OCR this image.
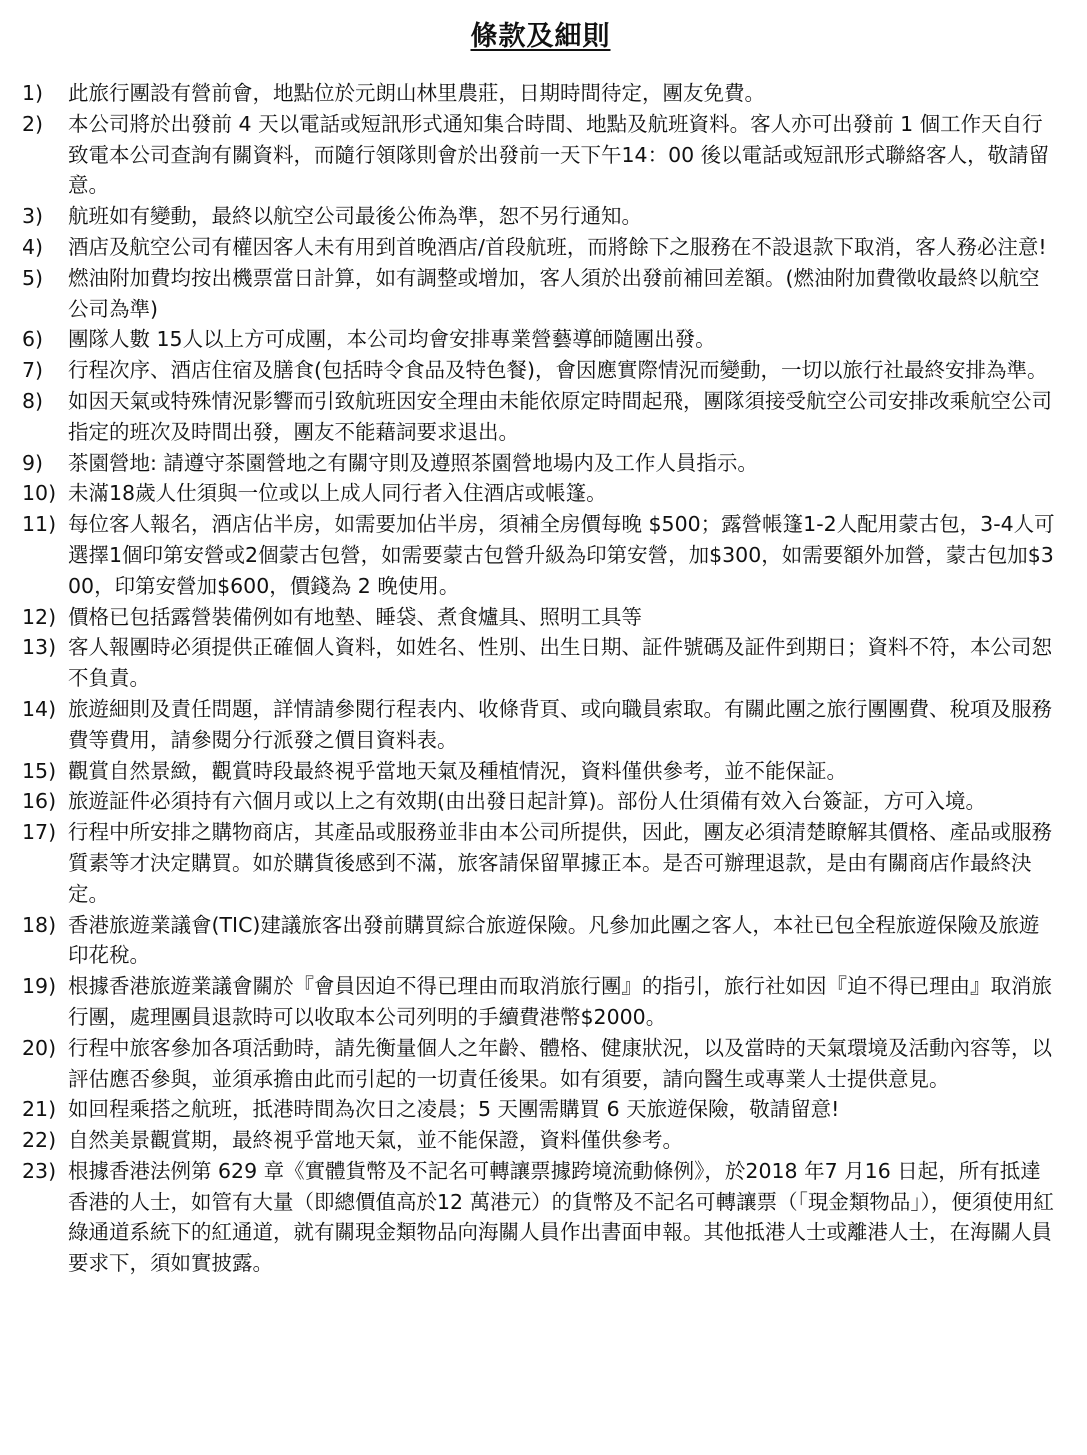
條款及細則
1)	此旅行團設有營前會，地點位於元朗山林里農莊，日期時間待定，團友免費。
2)	本公司將於出發前 4 天以電話或短訊形式通知集合時間、地點及航班資料。客人亦可出發前 1 個工作天自行致電本公司查詢有關資料，而隨行領隊則會於出發前一天下午14：00 後以電話或短訊形式聯絡客人，敬請留意。
3)	航班如有變動，最終以航空公司最後公佈為準，恕不另行通知。
4)	酒店及航空公司有權因客人未有用到首晚酒店/首段航班，而將餘下之服務在不設退款下取消，客人務必注意!
5)	燃油附加費均按出機票當日計算，如有調整或增加，客人須於出發前補回差額。(燃油附加費徵收最終以航空公司為準)
6)	團隊人數 15人以上方可成團，本公司均會安排專業營藝導師隨團出發。
7)	行程次序、酒店住宿及膳食(包括時令食品及特色餐)，會因應實際情況而變動，一切以旅行社最終安排為準。
8)	如因天氣或特殊情況影響而引致航班因安全理由未能依原定時間起飛，團隊須接受航空公司安排改乘航空公司指定的班次及時間出發，團友不能藉詞要求退出。
9)	茶園營地: 請遵守茶園營地之有關守則及遵照茶園營地場内及工作人員指示。
10) 未滿18歲人仕須與一位或以上成人同行者入住酒店或帳篷。
11) 每位客人報名，酒店佔半房，如需要加佔半房，須補全房價每晚 $500；露營帳篷1-2人配用蒙古包，3-4人可選擇1個印第安營或2個蒙古包營，如需要蒙古包營升級為印第安營，加$300，如需要額外加營，蒙古包加$300，印第安營加$600，價錢為 2 晚使用。
12) 價格已包括露營裝備例如有地墊、睡袋、煮食爐具、照明工具等
13) 客人報團時必須提供正確個人資料，如姓名、性別、出生日期、証件號碼及証件到期日；資料不符，本公司恕不負責。
14) 旅遊細則及責任問題，詳情請參閱行程表内、收條背頁、或向職員索取。有關此團之旅行團團費、稅項及服務費等費用，請參閱分行派發之價目資料表。
15) 觀賞自然景緻，觀賞時段最終視乎當地天氣及種植情況，資料僅供參考，並不能保証。
16) 旅遊証件必須持有六個月或以上之有效期(由出發日起計算)。部份人仕須備有效入台簽証，方可入境。
17) 行程中所安排之購物商店，其產品或服務並非由本公司所提供，因此，團友必須清楚瞭解其價格、產品或服務質素等才決定購買。如於購貨後感到不滿，旅客請保留單據正本。是否可辦理退款，是由有關商店作最終決定。
18) 香港旅遊業議會(TIC)建議旅客出發前購買綜合旅遊保險。凡參加此團之客人，本社已包全程旅遊保險及旅遊印花稅。
19) 根據香港旅遊業議會關於『會員因迫不得已理由而取消旅行團』的指引，旅行社如因『迫不得已理由』取消旅行團，處理團員退款時可以收取本公司列明的手續費港幣$2000。
20) 行程中旅客參加各項活動時，請先衡量個人之年齡、體格、健康狀況，以及當時的天氣環境及活動內容等，以評估應否參與，並須承擔由此而引起的一切責任後果。如有須要，請向醫生或專業人士提供意見。
21) 如回程乘搭之航班，抵港時間為次日之凌晨；5 天團需購買 6 天旅遊保險，敬請留意!
22) 自然美景觀賞期，最終視乎當地天氣，並不能保證，資料僅供參考。
23) 根據香港法例第 629 章《實體貨幣及不記名可轉讓票據跨境流動條例》，於2018 年7 月16 日起，所有抵達香港的人士，如管有大量（即總價值高於12 萬港元）的貨幣及不記名可轉讓票（「現金類物品」），便須使用紅綠通道系統下的紅通道，就有關現金類物品向海關人員作出書面申報。其他抵港人士或離港人士，在海關人員要求下，須如實披露。
